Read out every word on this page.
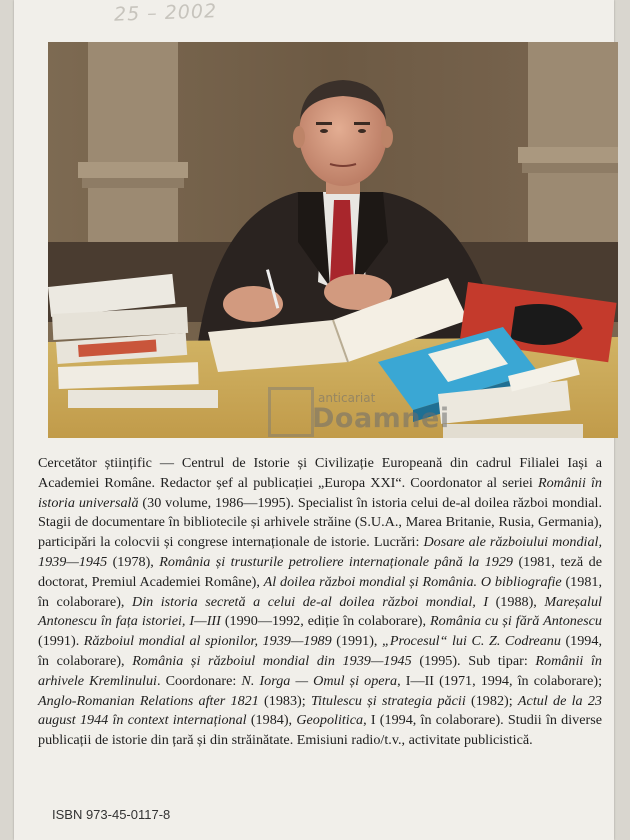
25 – 2002
anticariat
Doamnei

Cercetător științific — Centrul de Istorie și Civilizație Europeană din cadrul Filialei Iași a Academiei Române. Redactor șef al publicației „Europa XXI“. Coordonator al seriei Românii în istoria universală (30 volume, 1986—1995). Specialist în istoria celui de-al doilea război mondial. Stagii de documentare în bibliotecile și arhivele străine (S.U.A., Marea Britanie, Rusia, Germania), participări la colocvii și congrese internaționale de istorie. Lucrări: Dosare ale războiului mondial, 1939—1945 (1978), România și trusturile petroliere internaționale până la 1929 (1981, teză de doctorat, Premiul Academiei Române), Al doilea război mondial și România. O bibliografie (1981, în colaborare), Din istoria secretă a celui de-al doilea război mondial, I (1988), Mareșalul Antonescu în fața istoriei, I—III (1990—1992, ediție în colaborare), România cu și fără Antonescu (1991). Războiul mondial al spionilor, 1939—1989 (1991), „Procesul“ lui C. Z. Codreanu (1994, în colaborare), România și războiul mondial din 1939—1945 (1995). Sub tipar: Românii în arhivele Kremlinului. Coordonare: N. Iorga — Omul și opera, I—II (1971, 1994, în colaborare); Anglo-Romanian Relations after 1821 (1983); Titulescu și strategia păcii (1982); Actul de la 23 august 1944 în context internațional (1984), Geopolitica, I (1994, în colaborare). Studii în diverse publicații de istorie din țară și din străinătate. Emisiuni radio/t.v., activitate publicistică.

ISBN 973-45-0117-8
